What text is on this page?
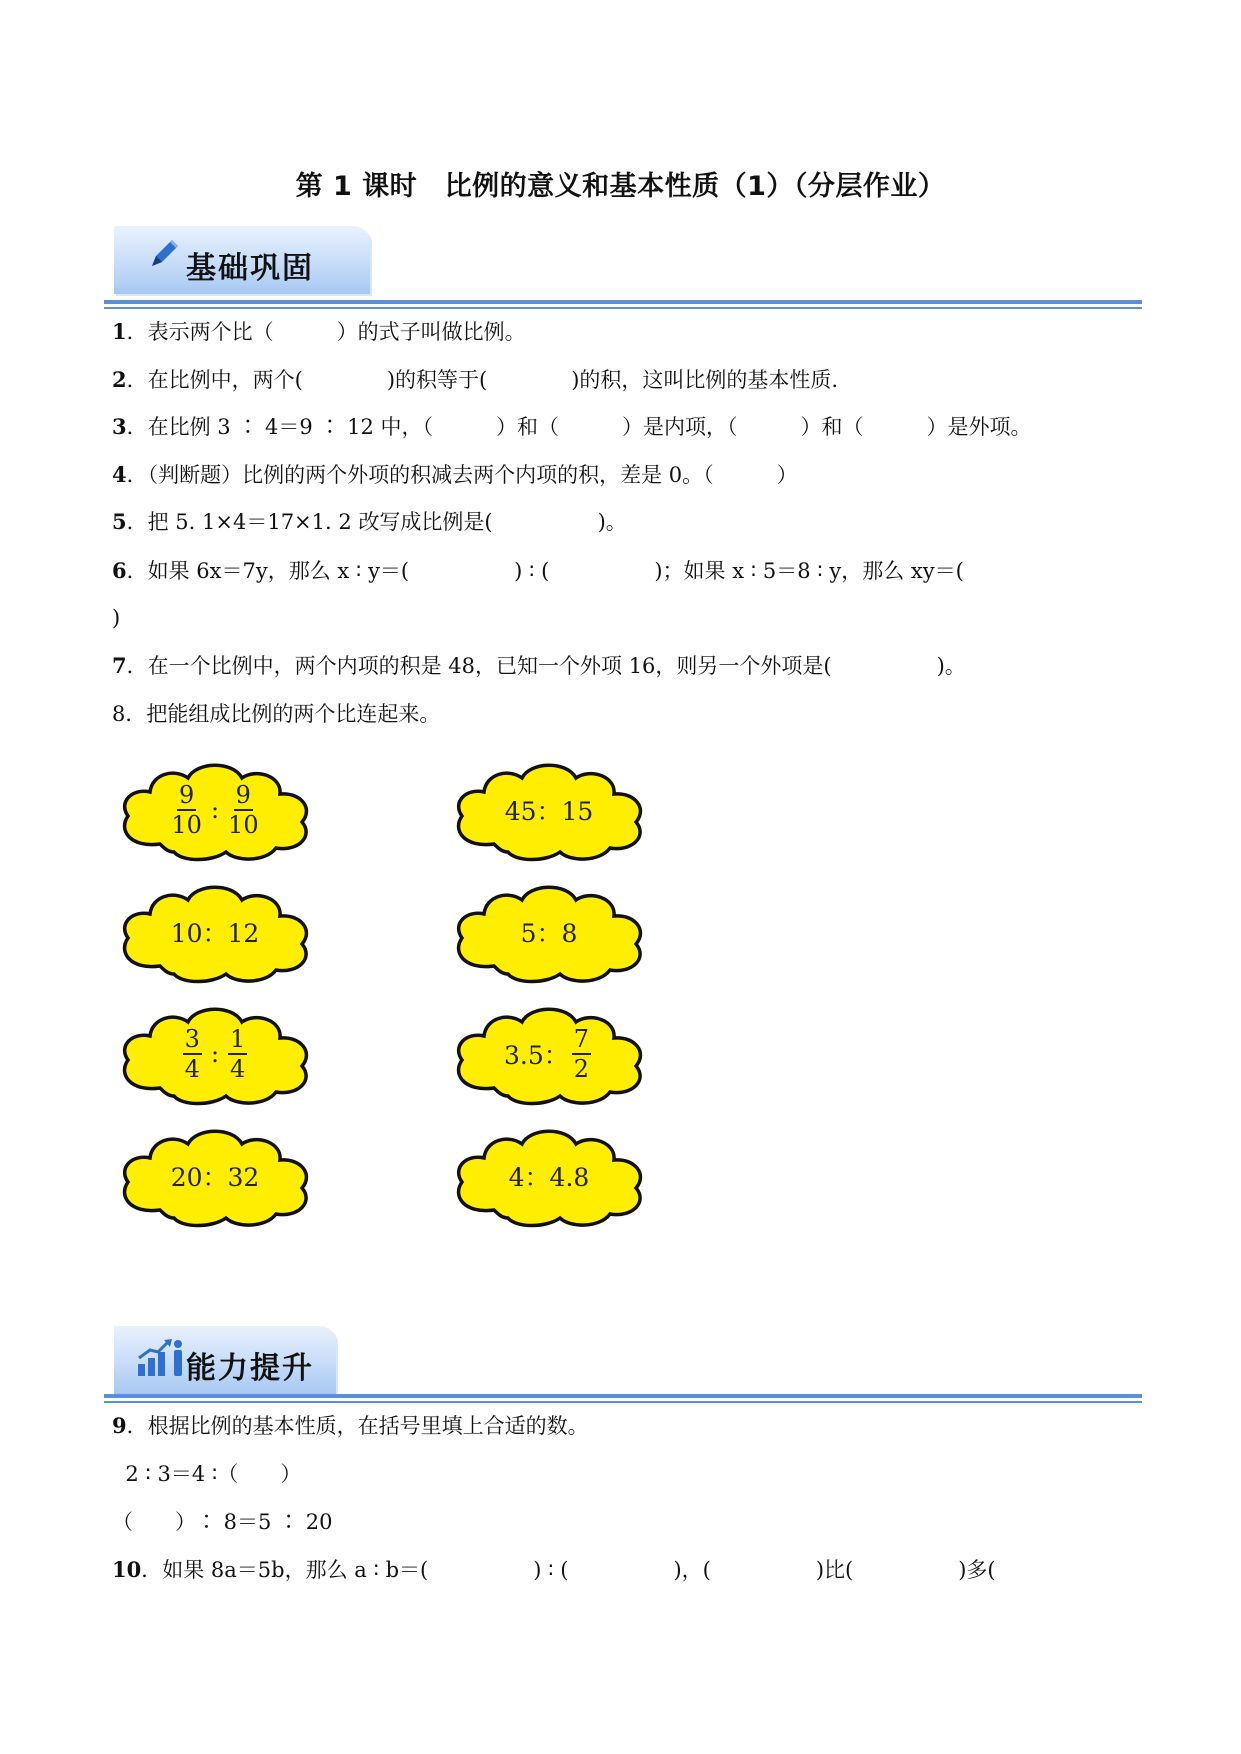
第 1 课时　比例的意义和基本性质（1）（分层作业）
基础巩固
1．表示两个比（　　　）的式子叫做比例。
2．在比例中，两个(　　　　)的积等于(　　　　)的积，这叫比例的基本性质.
3．在比例 3 ∶ 4＝9 ∶ 12 中，（　　　）和（　　　）是内项，（　　　）和（　　　）是外项。
4．（判断题）比例的两个外项的积减去两个内项的积，差是 0。（　　　）
5．把 5. 1×4＝17×1. 2 改写成比例是(　　　　　)。
6．如果 6x＝7y，那么 x ∶ y＝(　　　　　) ∶ (　　　　　)；如果 x ∶ 5＝8 ∶ y，那么 xy＝(
)
7．在一个比例中，两个内项的积是 48，已知一个外项 16，则另一个外项是(　　　　　)。
8．把能组成比例的两个比连起来。
$\frac{9}{10}$ : $\frac{9}{10}$
10：12
$\frac{3}{4}$ : $\frac{1}{4}$
20：32
45：15
5：8
3.5： $\frac{7}{2}$
4：4.8
能力提升
9．根据比例的基本性质，在括号里填上合适的数。
2 ∶ 3＝4 ∶（　　）
（　　）∶ 8＝5 ∶ 20
10．如果 8a＝5b，那么 a ∶ b＝(　　　　　) ∶ (　　　　　)，(　　　　　)比(　　　　　)多(
